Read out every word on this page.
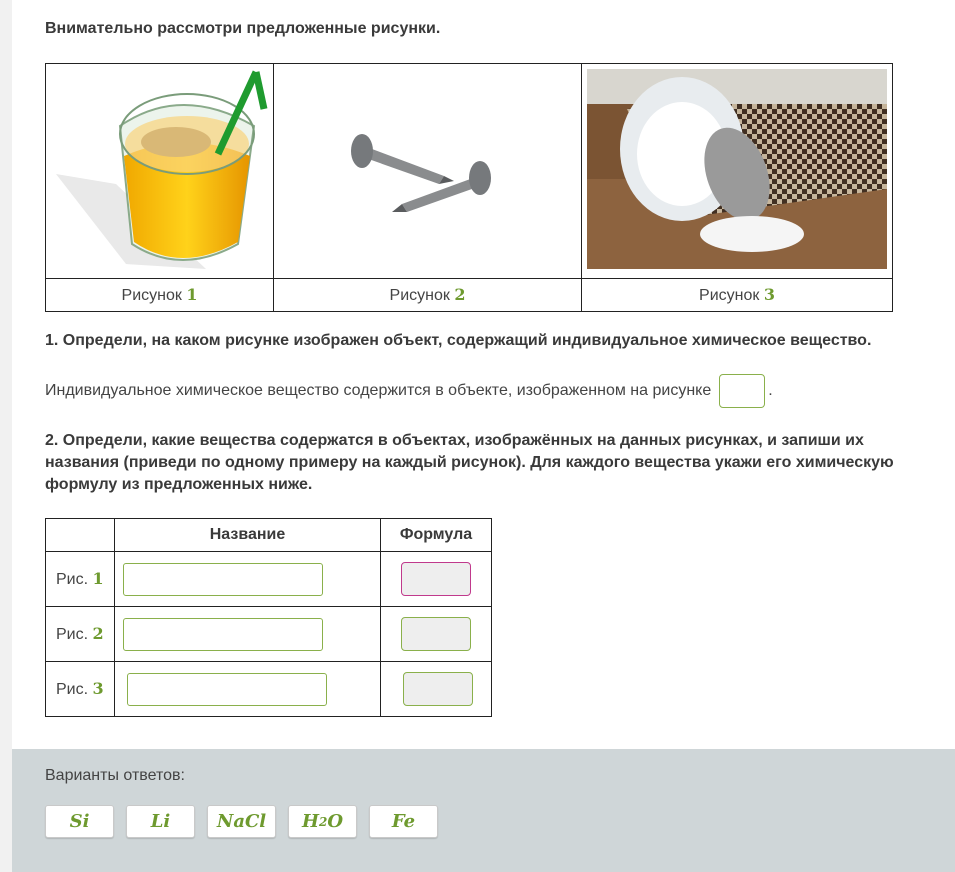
Внимательно рассмотри предложенные рисунки.

Рисунок 1	Рисунок 2	Рисунок 3
1. Определи, на каком рисунке изображен объект, содержащий индивидуальное химическое вещество.
Индивидуальное химическое вещество содержится в объекте, изображенном на рисунке	.
2. Определи, какие вещества содержатся в объектах, изображённых на данных рисунках, и запиши их названия (приведи по одному примеру на каждый рисунок). Для каждого вещества укажи его химическую формулу из предложенных ниже.
	Название	Формула
Рис. 1		
Рис. 2		
Рис. 3		
Варианты ответов:
Si	Li	NaCl	H 2 O	Fe
